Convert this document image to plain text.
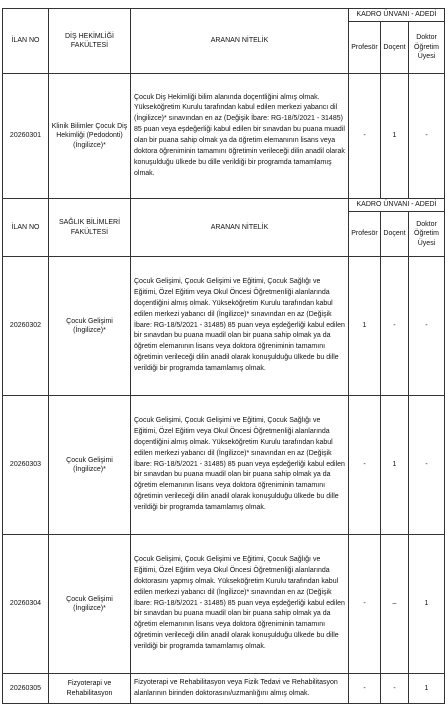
İLAN NO	DİŞ HEKİMLİĞİ FAKÜLTESİ	ARANAN NİTELİK	KADRO ÜNVANI - ADEDİ		
			Profesör	Doçent	Doktor Öğretim Üyesi
20260301	Klinik Bilimler Çocuk Diş Hekimliği (Pedodonti) (İngilizce)*	Çocuk Diş Hekimliği bilim alanında doçentliğini almış olmak. Yükseköğretim Kurulu tarafından kabul edilen merkezi yabancı dil (İngilizce)* sınavından en az (Değişik İbare: RG-18/5/2021 - 31485) 85 puan veya eşdeğerliği kabul edilen bir sınavdan bu puana muadil olan bir puana sahip olmak ya da öğretim elemanının lisans veya doktora öğreniminin tamamını öğretimin verileceği dilin anadil olarak konuşulduğu ülkede bu dille verildiği bir programda tamamlamış olmak.	-	1	-
İLAN NO	SAĞLIK BİLİMLERİ FAKÜLTESİ	ARANAN NİTELİK	KADRO ÜNVANI - ADEDİ		
			Profesör	Doçent	Doktor Öğretim Üyesi
20260302	Çocuk Gelişimi (İngilizce)*	Çocuk Gelişimi, Çocuk Gelişimi ve Eğitimi, Çocuk Sağlığı ve Eğitimi, Özel Eğitim veya Okul Öncesi Öğretmenliği alanlarında doçentliğini almış olmak. Yükseköğretim Kurulu tarafından kabul edilen merkezi yabancı dil (İngilizce)* sınavından en az (Değişik İbare: RG-18/5/2021 - 31485) 85 puan veya eşdeğerliği kabul edilen bir sınavdan bu puana muadil olan bir puana sahip olmak ya da öğretim elemanının lisans veya doktora öğreniminin tamamını öğretimin verileceği dilin anadil olarak konuşulduğu ülkede bu dille verildiği bir programda tamamlamış olmak.	1	-	-
20260303	Çocuk Gelişimi (İngilizce)*	Çocuk Gelişimi, Çocuk Gelişimi ve Eğitimi, Çocuk Sağlığı ve Eğitimi, Özel Eğitim veya Okul Öncesi Öğretmenliği alanlarında doçentliğini almış olmak. Yükseköğretim Kurulu tarafından kabul edilen merkezi yabancı dil (İngilizce)* sınavından en az (Değişik İbare: RG-18/5/2021 - 31485) 85 puan veya eşdeğerliği kabul edilen bir sınavdan bu puana muadil olan bir puana sahip olmak ya da öğretim elemanının lisans veya doktora öğreniminin tamamını öğretimin verileceği dilin anadil olarak konuşulduğu ülkede bu dille verildiği bir programda tamamlamış olmak.	-	1	-
20260304	Çocuk Gelişimi (İngilizce)*	Çocuk Gelişimi, Çocuk Gelişimi ve Eğitimi, Çocuk Sağlığı ve Eğitimi, Özel Eğitim veya Okul Öncesi Öğretmenliği alanlarında doktorasını yapmış olmak. Yükseköğretim Kurulu tarafından kabul edilen merkezi yabancı dil (İngilizce)* sınavından en az (Değişik İbare: RG-18/5/2021 - 31485) 85 puan veya eşdeğerliği kabul edilen bir sınavdan bu puana muadil olan bir puana sahip olmak ya da öğretim elemanının lisans veya doktora öğreniminin tamamını öğretimin verileceği dilin anadil olarak konuşulduğu ülkede bu dille verildiği bir programda tamamlamış olmak.	-	–	1
20260305	Fizyoterapi ve Rehabilitasyon	Fizyoterapi ve Rehabilitasyon veya Fizik Tedavi ve Rehabilitasyon alanlarının birinden doktorasını/uzmanlığını almış olmak.	-	-	1
